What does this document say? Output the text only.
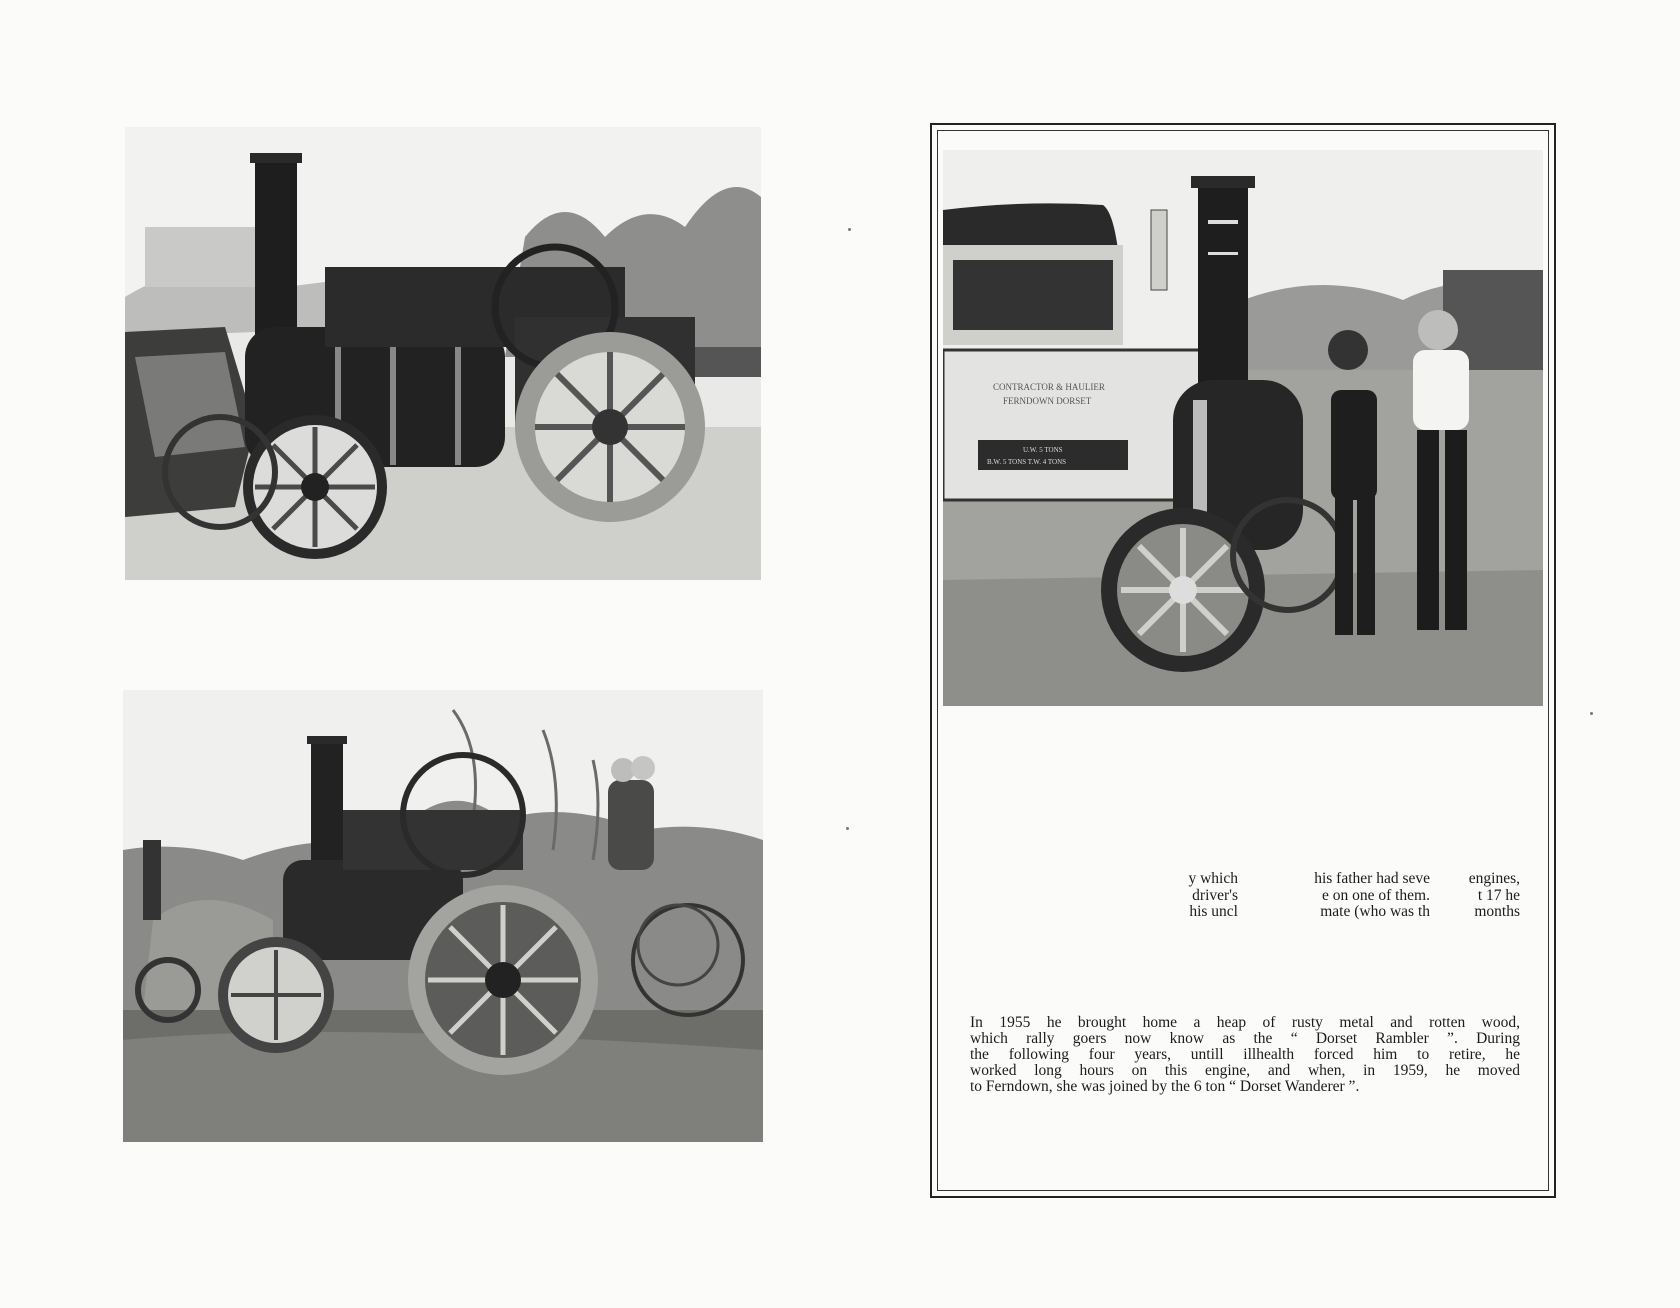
CONTRACTOR & HAULIER
FERNDOWN DORSET
U.W. 5 TONS
B.W. 5 TONS T.W. 4 TONS
y which
driver's
his uncl
his father had seve
e on one of them.
mate (who was th
engines,
t 17 he
months
In 1955 he brought home a heap of rusty metal and rotten wood,
which rally goers now know as the “ Dorset Rambler ”. During
the following four years, untill illhealth forced him to retire, he
worked long hours on this engine, and when, in 1959, he moved
to Ferndown, she was joined by the 6 ton “ Dorset Wanderer ”.
